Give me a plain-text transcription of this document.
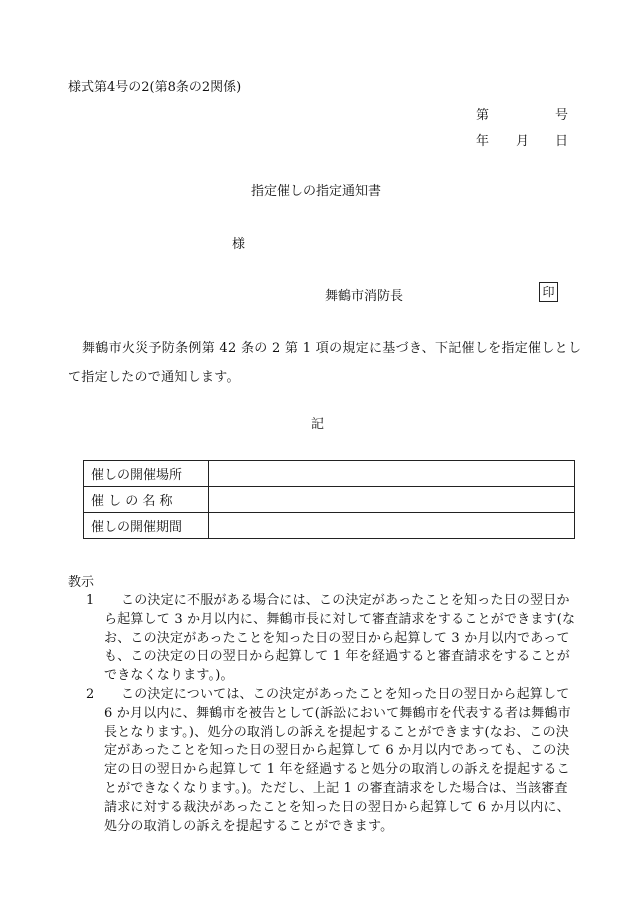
様式第4号の2(第8条の2関係)
第	号
年 月 日
指定催しの指定通知書
様
舞鶴市消防長	印
舞鶴市火災予防条例第 42 条の 2 第 1 項の規定に基づき、下記催しを指定催しとして指定したので通知します。
記
催しの開催場所	
催 し の 名 称	
催しの開催期間	
教示
1	この決定に不服がある場合には、この決定があったことを知った日の翌日から起算して 3 か月以内に、舞鶴市長に対して審査請求をすることができます(なお、この決定があったことを知った日の翌日から起算して 3 か月以内であっても、この決定の日の翌日から起算して 1 年を経過すると審査請求をすることができなくなります。)。
2	この決定については、この決定があったことを知った日の翌日から起算して 6 か月以内に、舞鶴市を被告として(訴訟において舞鶴市を代表する者は舞鶴市長となります。)、処分の取消しの訴えを提起することができます(なお、この決定があったことを知った日の翌日から起算して 6 か月以内であっても、この決定の日の翌日から起算して 1 年を経過すると処分の取消しの訴えを提起することができなくなります。)。ただし、上記 1 の審査請求をした場合は、当該審査請求に対する裁決があったことを知った日の翌日から起算して 6 か月以内に、処分の取消しの訴えを提起することができます。
